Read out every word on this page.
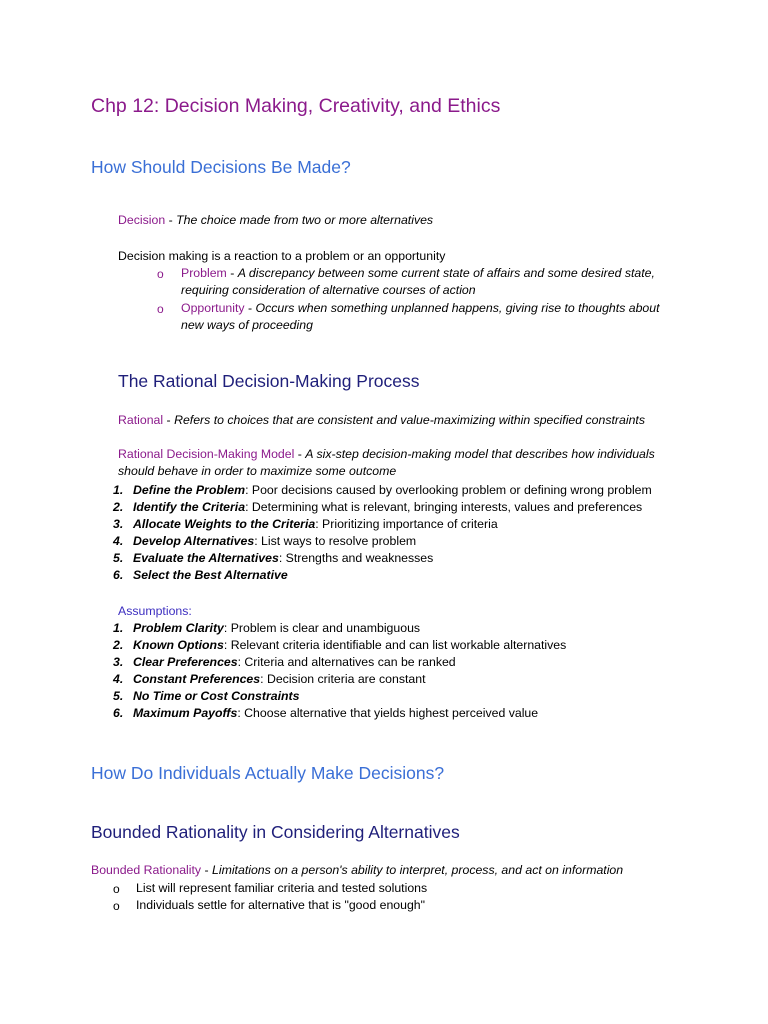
Chp 12: Decision Making, Creativity, and Ethics
How Should Decisions Be Made?
Decision - The choice made from two or more alternatives
Decision making is a reaction to a problem or an opportunity
o Problem - A discrepancy between some current state of affairs and some desired state,
requiring consideration of alternative courses of action
o Opportunity - Occurs when something unplanned happens, giving rise to thoughts about
new ways of proceeding
The Rational Decision-Making Process
Rational - Refers to choices that are consistent and value-maximizing within specified constraints
Rational Decision-Making Model - A six-step decision-making model that describes how individuals
should behave in order to maximize some outcome
1. Define the Problem: Poor decisions caused by overlooking problem or defining wrong problem
2. Identify the Criteria: Determining what is relevant, bringing interests, values and preferences
3. Allocate Weights to the Criteria: Prioritizing importance of criteria
4. Develop Alternatives: List ways to resolve problem
5. Evaluate the Alternatives: Strengths and weaknesses
6. Select the Best Alternative
Assumptions:
1. Problem Clarity: Problem is clear and unambiguous
2. Known Options: Relevant criteria identifiable and can list workable alternatives
3. Clear Preferences: Criteria and alternatives can be ranked
4. Constant Preferences: Decision criteria are constant
5. No Time or Cost Constraints
6. Maximum Payoffs: Choose alternative that yields highest perceived value
How Do Individuals Actually Make Decisions?
Bounded Rationality in Considering Alternatives
Bounded Rationality - Limitations on a person's ability to interpret, process, and act on information
o List will represent familiar criteria and tested solutions
o Individuals settle for alternative that is "good enough"
